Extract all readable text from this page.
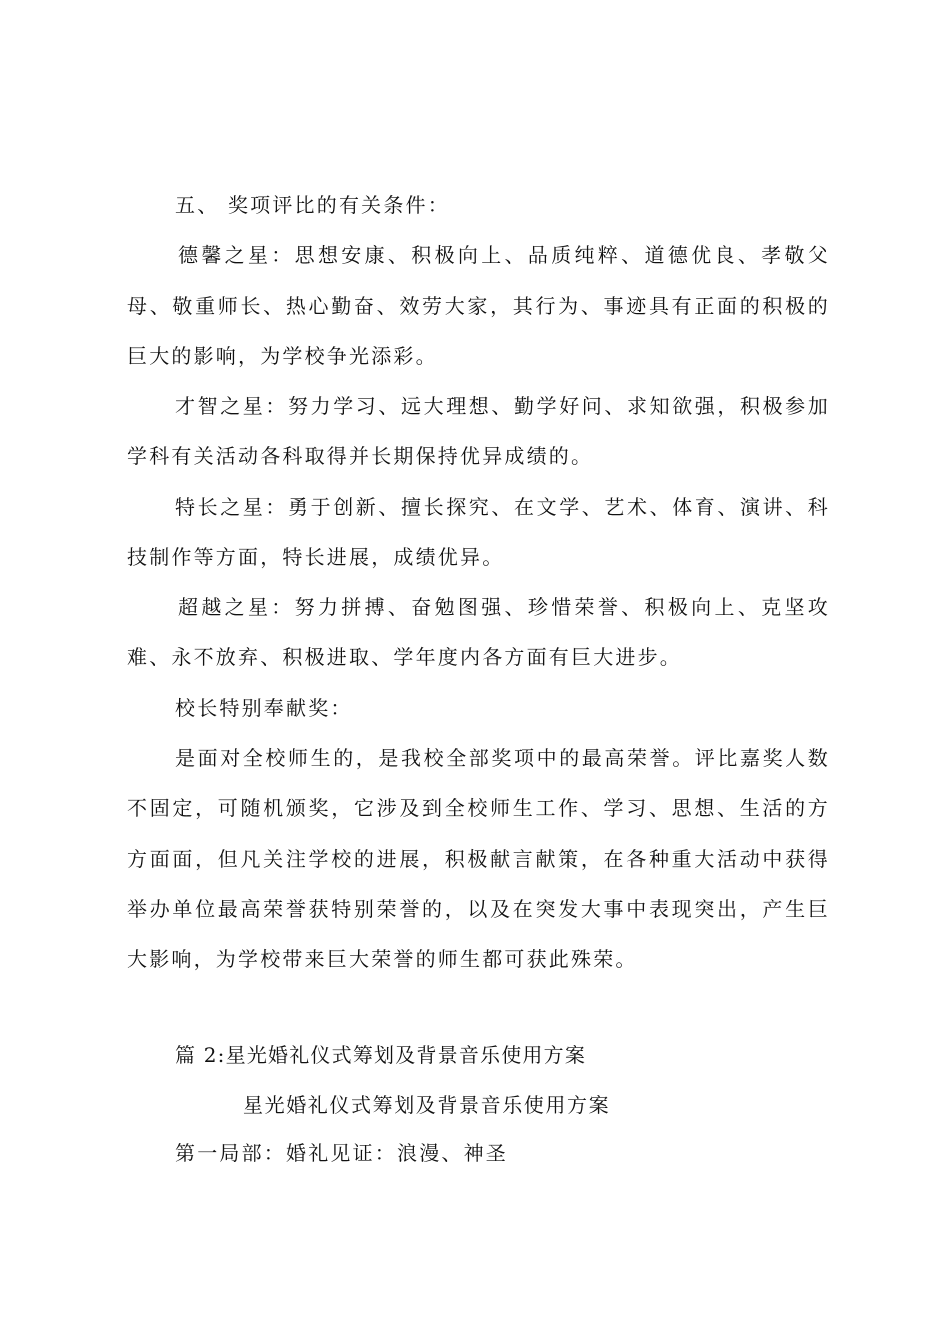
五、 奖项评比的有关条件：
德馨之星：思想安康、积极向上、品质纯粹、道德优良、孝敬父
母、敬重师长、热心勤奋、效劳大家，其行为、事迹具有正面的积极的
巨大的影响，为学校争光添彩。
才智之星：努力学习、远大理想、勤学好问、求知欲强，积极参加
学科有关活动各科取得并长期保持优异成绩的。
特长之星：勇于创新、擅长探究、在文学、艺术、体育、演讲、科
技制作等方面，特长进展，成绩优异。
超越之星：努力拼搏、奋勉图强、珍惜荣誉、积极向上、克坚攻
难、永不放弃、积极进取、学年度内各方面有巨大进步。
校长特别奉献奖：
是面对全校师生的，是我校全部奖项中的最高荣誉。评比嘉奖人数
不固定，可随机颁奖，它涉及到全校师生工作、学习、思想、生活的方
方面面，但凡关注学校的进展，积极献言献策，在各种重大活动中获得
举办单位最高荣誉获特别荣誉的，以及在突发大事中表现突出，产生巨
大影响，为学校带来巨大荣誉的师生都可获此殊荣。
篇 2:星光婚礼仪式筹划及背景音乐使用方案
星光婚礼仪式筹划及背景音乐使用方案
第一局部：婚礼见证：浪漫、神圣
